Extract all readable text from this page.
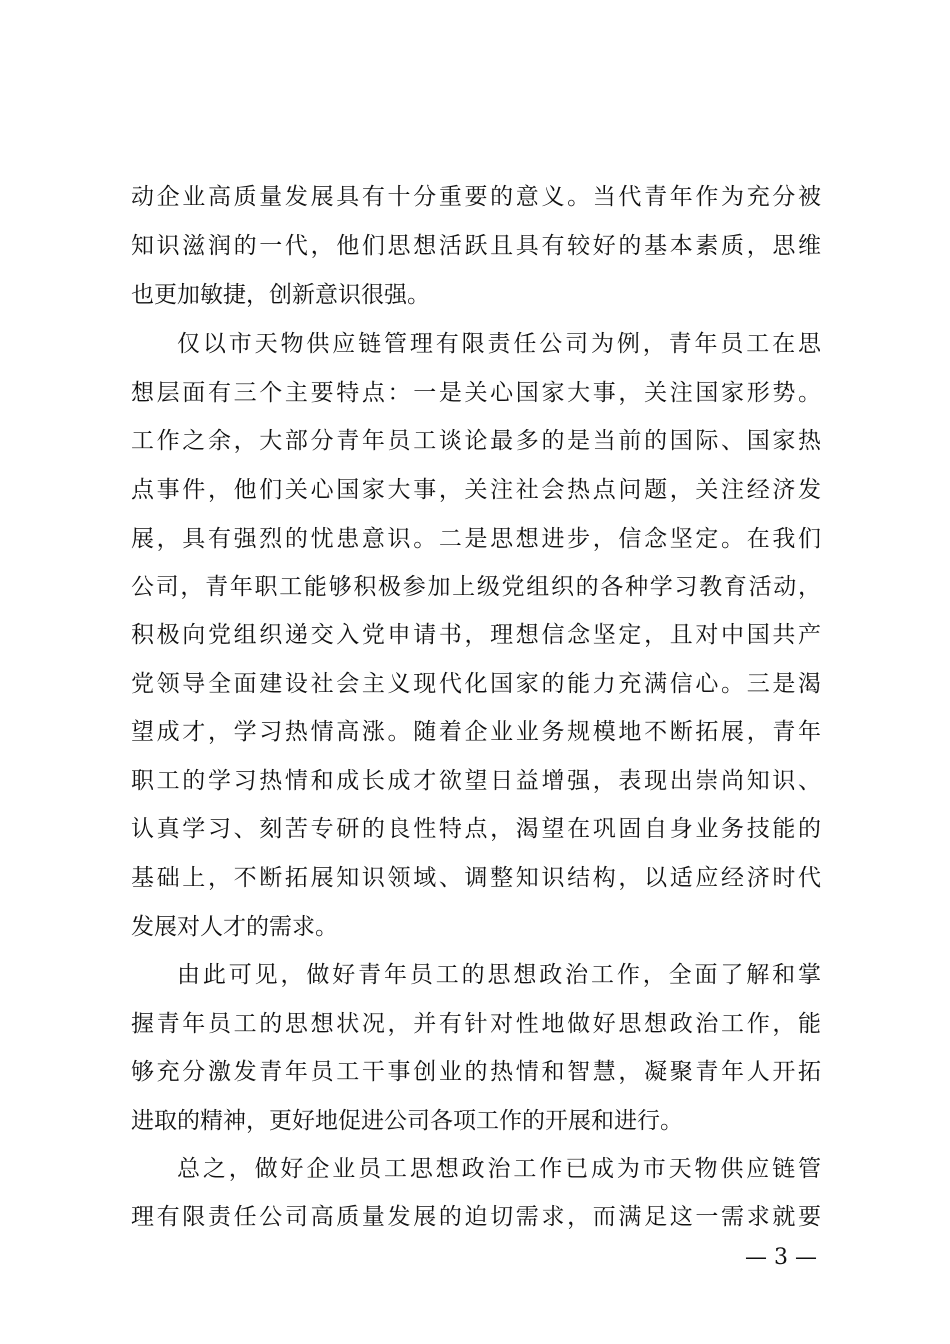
动企业高质量发展具有十分重要的意义。当代青年作为充分被
知识滋润的一代，他们思想活跃且具有较好的基本素质，思维
也更加敏捷，创新意识很强。
仅以市天物供应链管理有限责任公司为例，青年员工在思
想层面有三个主要特点：一是关心国家大事，关注国家形势。
工作之余，大部分青年员工谈论最多的是当前的国际、国家热
点事件，他们关心国家大事，关注社会热点问题，关注经济发
展，具有强烈的忧患意识。二是思想进步，信念坚定。在我们
公司，青年职工能够积极参加上级党组织的各种学习教育活动，
积极向党组织递交入党申请书，理想信念坚定，且对中国共产
党领导全面建设社会主义现代化国家的能力充满信心。三是渴
望成才，学习热情高涨。随着企业业务规模地不断拓展，青年
职工的学习热情和成长成才欲望日益增强，表现出崇尚知识、
认真学习、刻苦专研的良性特点，渴望在巩固自身业务技能的
基础上，不断拓展知识领域、调整知识结构，以适应经济时代
发展对人才的需求。
由此可见，做好青年员工的思想政治工作，全面了解和掌
握青年员工的思想状况，并有针对性地做好思想政治工作，能
够充分激发青年员工干事创业的热情和智慧，凝聚青年人开拓
进取的精神，更好地促进公司各项工作的开展和进行。
总之，做好企业员工思想政治工作已成为市天物供应链管
理有限责任公司高质量发展的迫切需求，而满足这一需求就要
— 3 —
